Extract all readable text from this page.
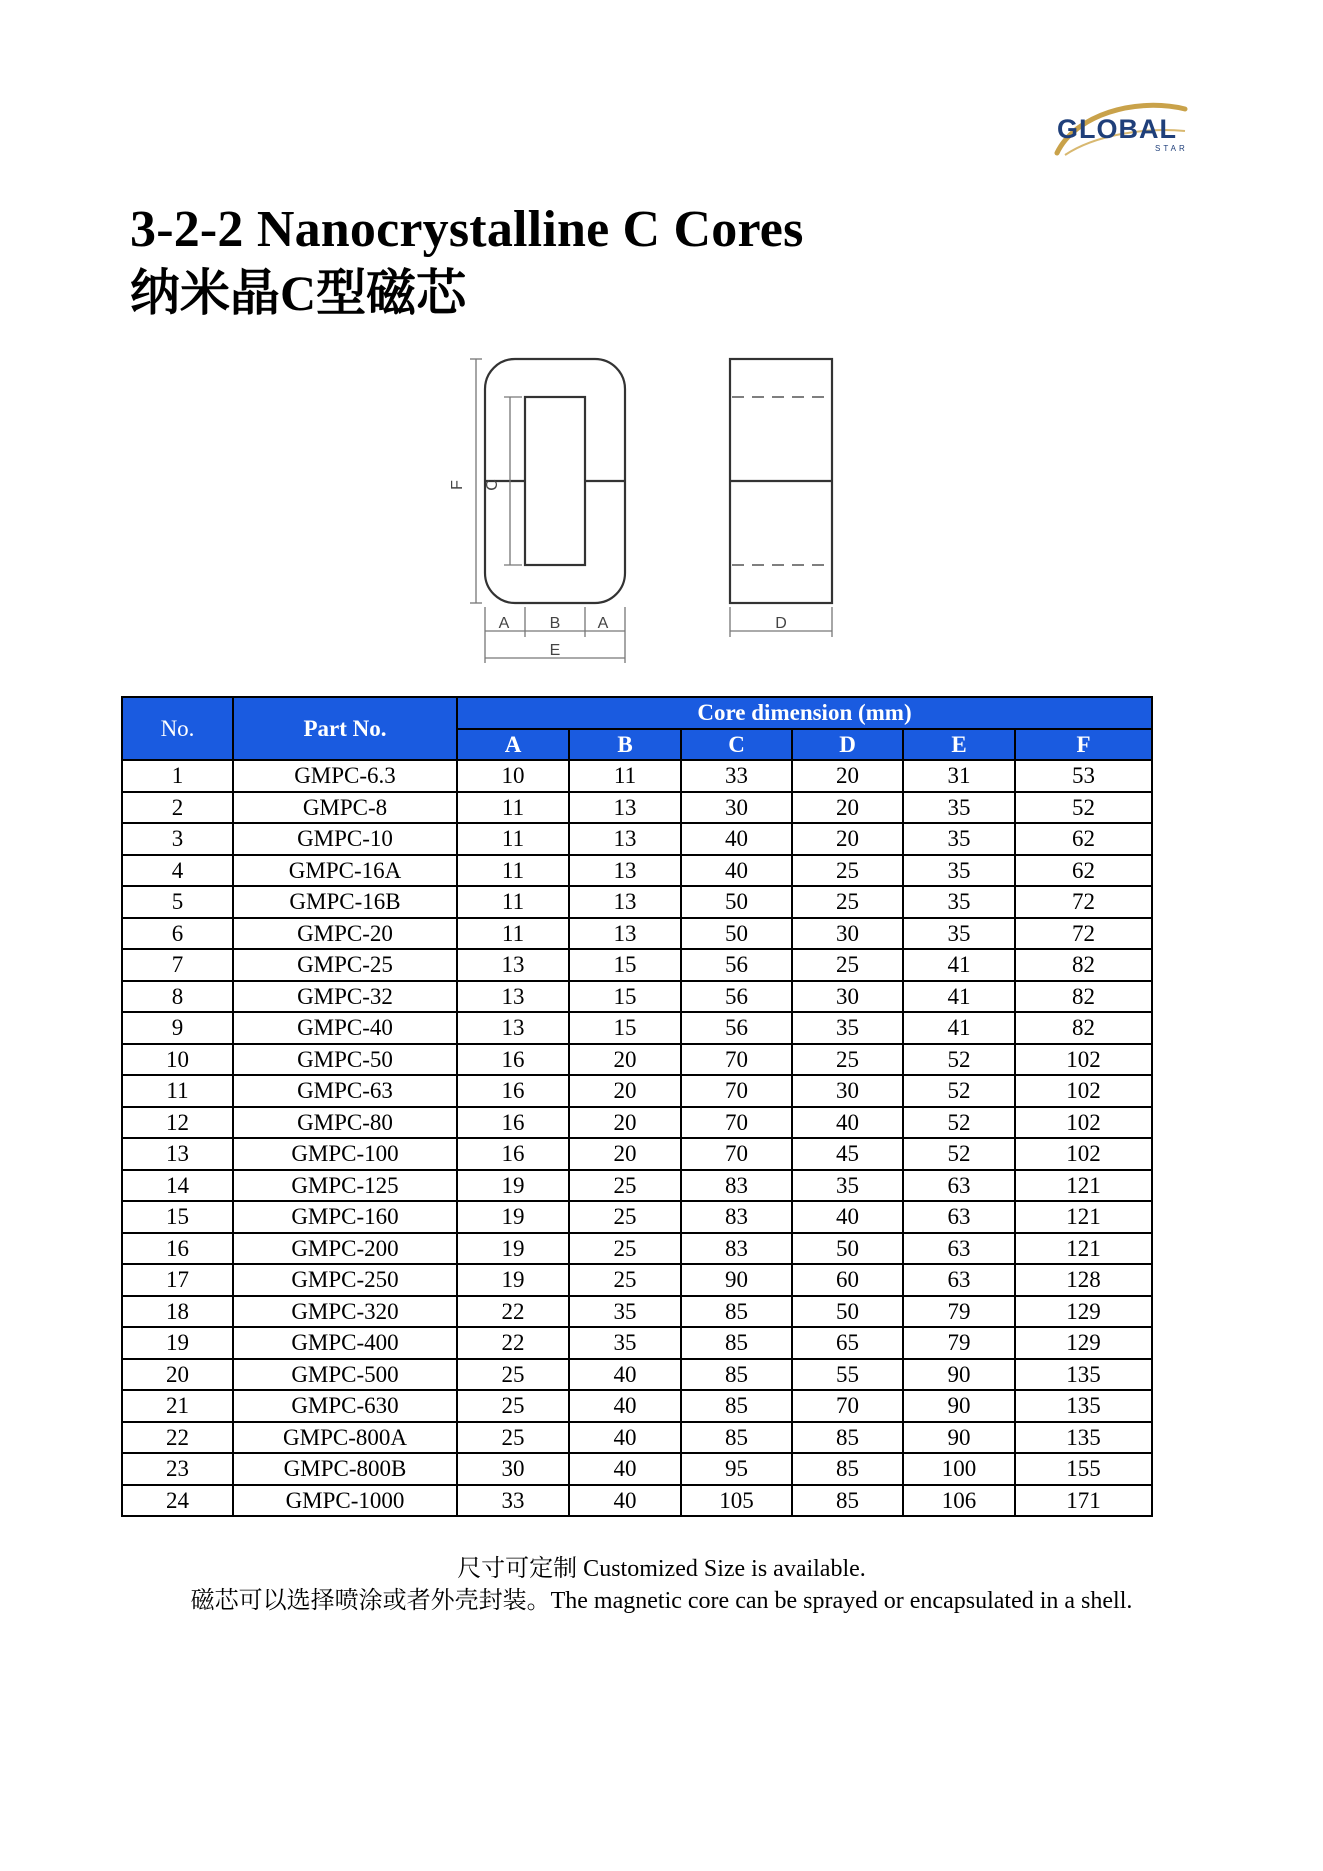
GLOBAL
STAR
3-2-2 Nanocrystalline C Cores
纳米晶C型磁芯
F C
A	B A
E
D
No.	Part No.	Core dimension (mm)					
		A	B	C	D	E	F
1	GMPC-6.3	10	11	33	20	31	53
2	GMPC-8	11	13	30	20	35	52
3	GMPC-10	11	13	40	20	35	62
4	GMPC-16A	11	13	40	25	35	62
5	GMPC-16B	11	13	50	25	35	72
6	GMPC-20	11	13	50	30	35	72
7	GMPC-25	13	15	56	25	41	82
8	GMPC-32	13	15	56	30	41	82
9	GMPC-40	13	15	56	35	41	82
10	GMPC-50	16	20	70	25	52	102
11	GMPC-63	16	20	70	30	52	102
12	GMPC-80	16	20	70	40	52	102
13	GMPC-100	16	20	70	45	52	102
14	GMPC-125	19	25	83	35	63	121
15	GMPC-160	19	25	83	40	63	121
16	GMPC-200	19	25	83	50	63	121
17	GMPC-250	19	25	90	60	63	128
18	GMPC-320	22	35	85	50	79	129
19	GMPC-400	22	35	85	65	79	129
20	GMPC-500	25	40	85	55	90	135
21	GMPC-630	25	40	85	70	90	135
22	GMPC-800A	25	40	85	85	90	135
23	GMPC-800B	30	40	95	85	100	155
24	GMPC-1000	33	40	105	85	106	171
尺寸可定制 Customized Size is available.
磁芯可以选择喷涂或者外壳封装。The magnetic core can be sprayed or encapsulated in a shell.
